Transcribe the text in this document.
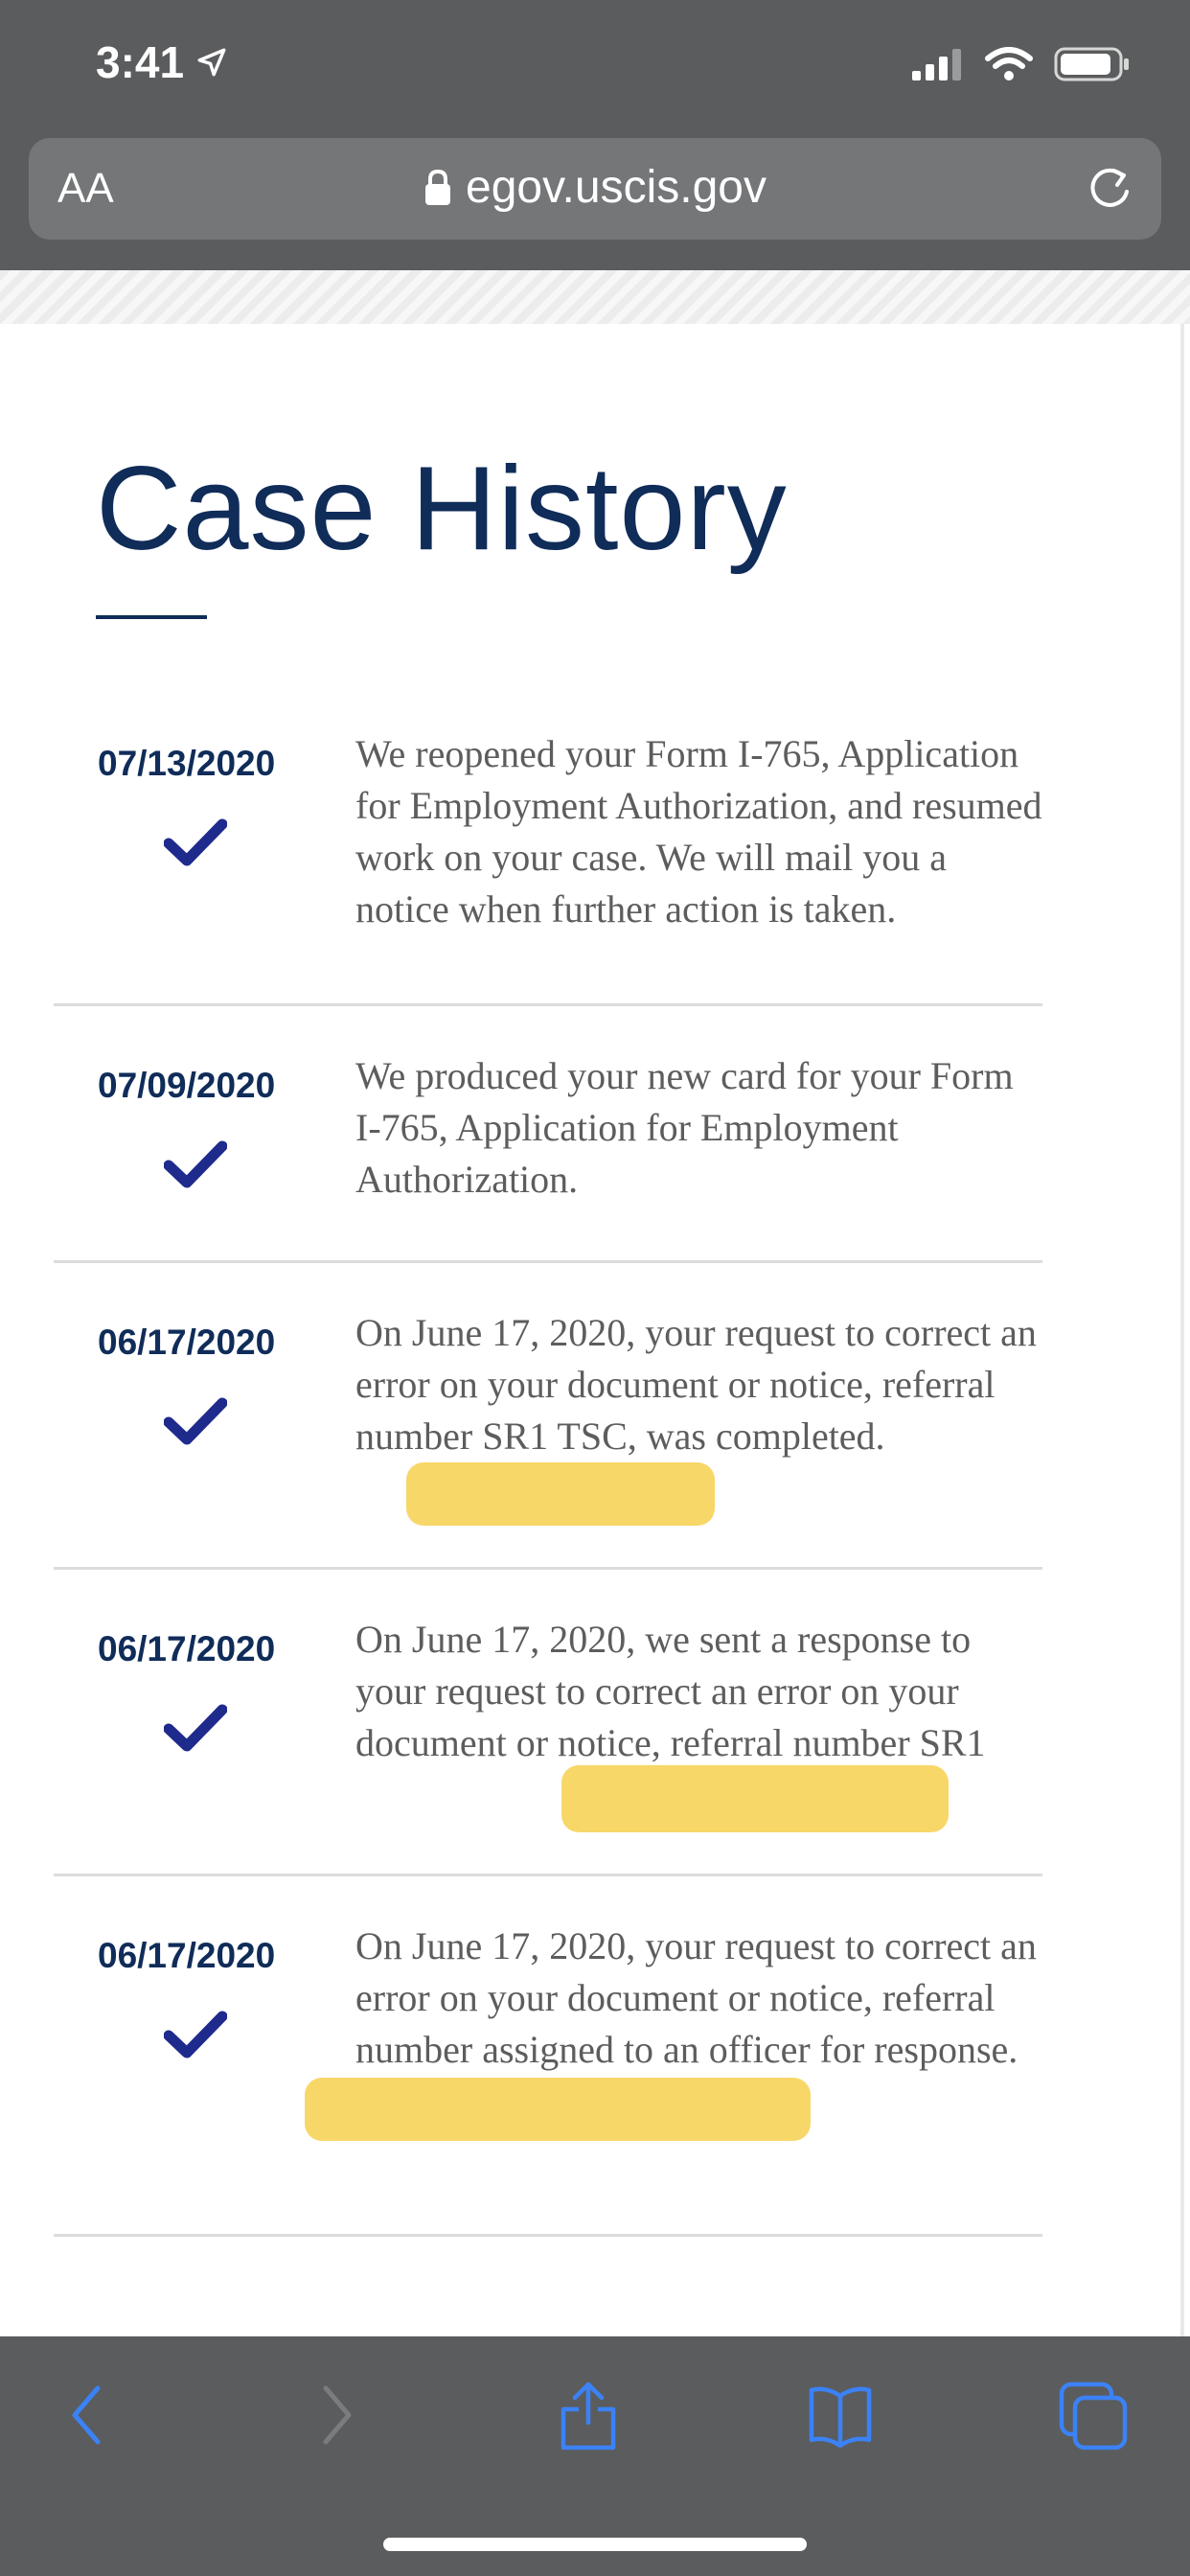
3:41
AA	egov.uscis.gov
Case History
07/13/2020 We reopened your Form I-765, Application for Employment Authorization, and resumed work on your case. We will mail you a notice when further action is taken.
07/09/2020 We produced your new card for your Form I-765, Application for Employment Authorization.
06/17/2020 On June 17, 2020, your request to correct an error on your document or notice, referral number SR1 TSC, was completed.
06/17/2020 On June 17, 2020, we sent a response to your request to correct an error on your document or notice, referral number SR1
06/17/2020 On June 17, 2020, your request to correct an error on your document or notice, referral number assigned to an officer for response.
